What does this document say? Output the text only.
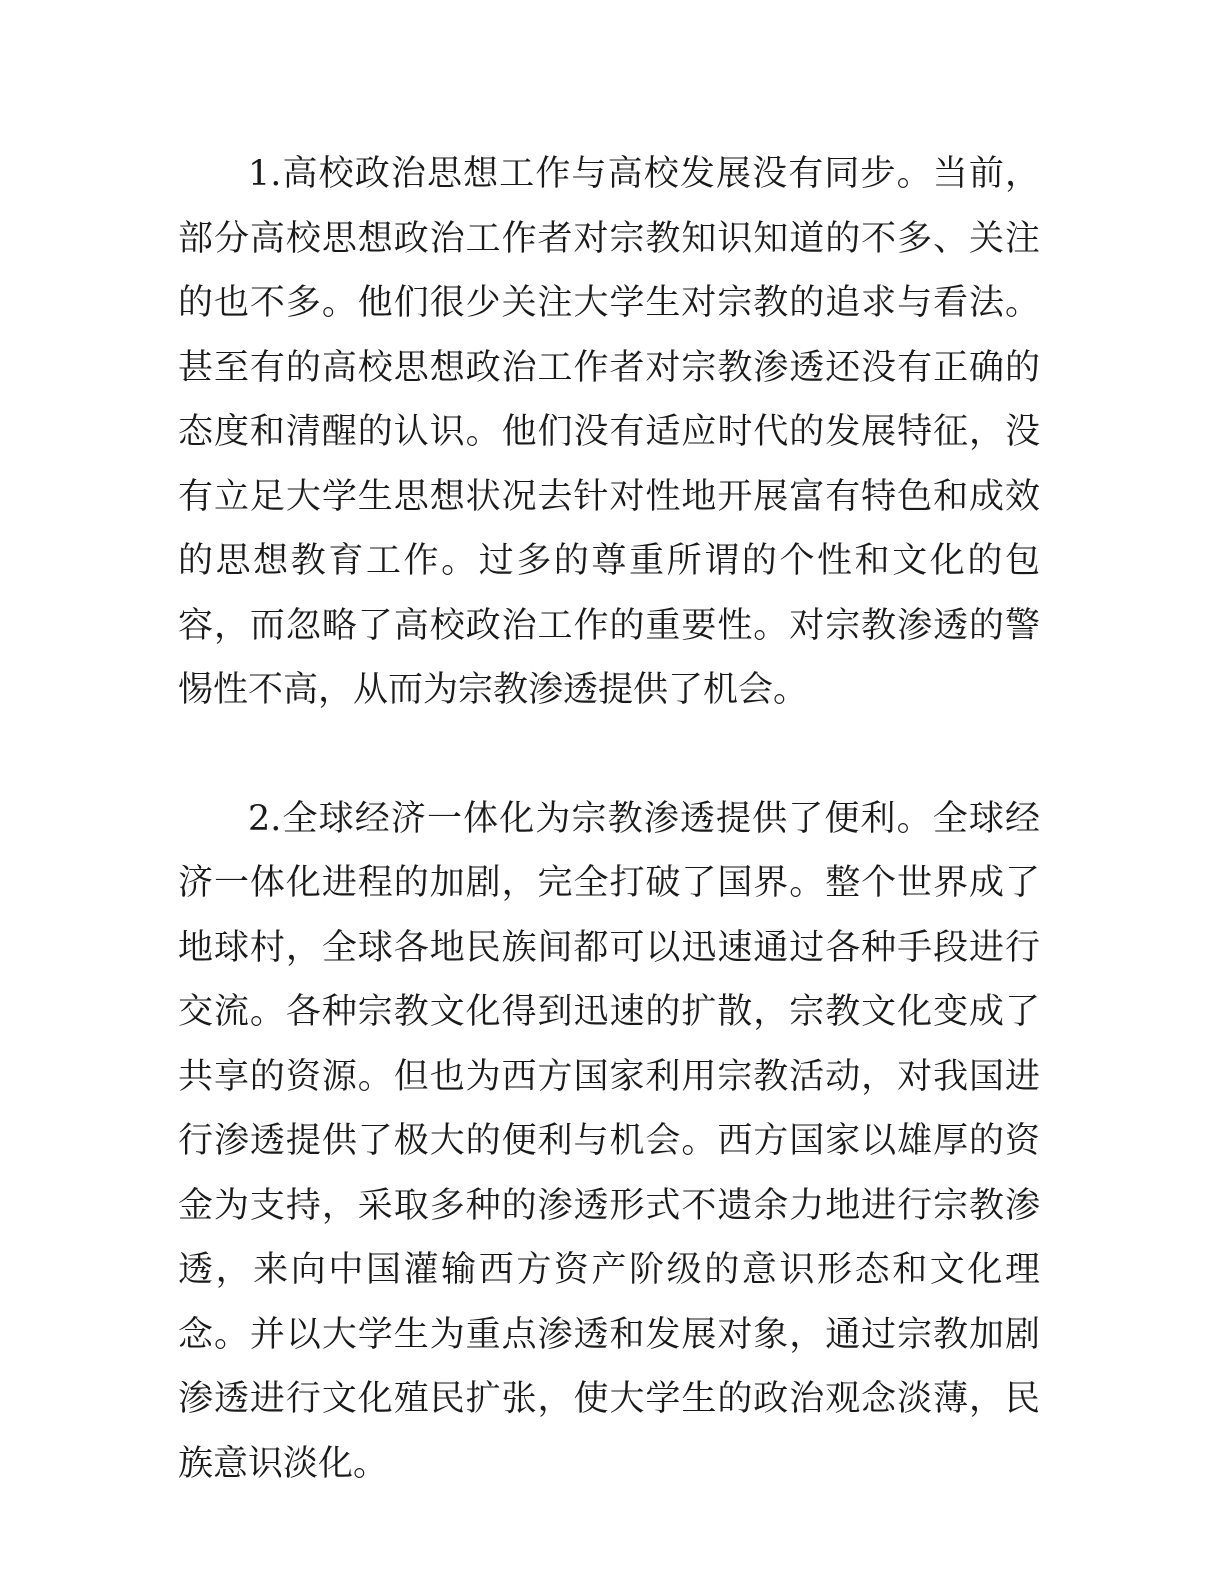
1.高校政治思想工作与高校发展没有同步。当前，部分高校思想政治工作者对宗教知识知道的不多、关注的也不多。他们很少关注大学生对宗教的追求与看法。甚至有的高校思想政治工作者对宗教渗透还没有正确的态度和清醒的认识。他们没有适应时代的发展特征，没有立足大学生思想状况去针对性地开展富有特色和成效的思想教育工作。过多的尊重所谓的个性和文化的包容，而忽略了高校政治工作的重要性。对宗教渗透的警惕性不高，从而为宗教渗透提供了机会。

2.全球经济一体化为宗教渗透提供了便利。全球经济一体化进程的加剧，完全打破了国界。整个世界成了地球村，全球各地民族间都可以迅速通过各种手段进行交流。各种宗教文化得到迅速的扩散，宗教文化变成了共享的资源。但也为西方国家利用宗教活动，对我国进行渗透提供了极大的便利与机会。西方国家以雄厚的资金为支持，采取多种的渗透形式不遗余力地进行宗教渗透，来向中国灌输西方资产阶级的意识形态和文化理念。并以大学生为重点渗透和发展对象，通过宗教加剧渗透进行文化殖民扩张，使大学生的政治观念淡薄，民族意识淡化。
